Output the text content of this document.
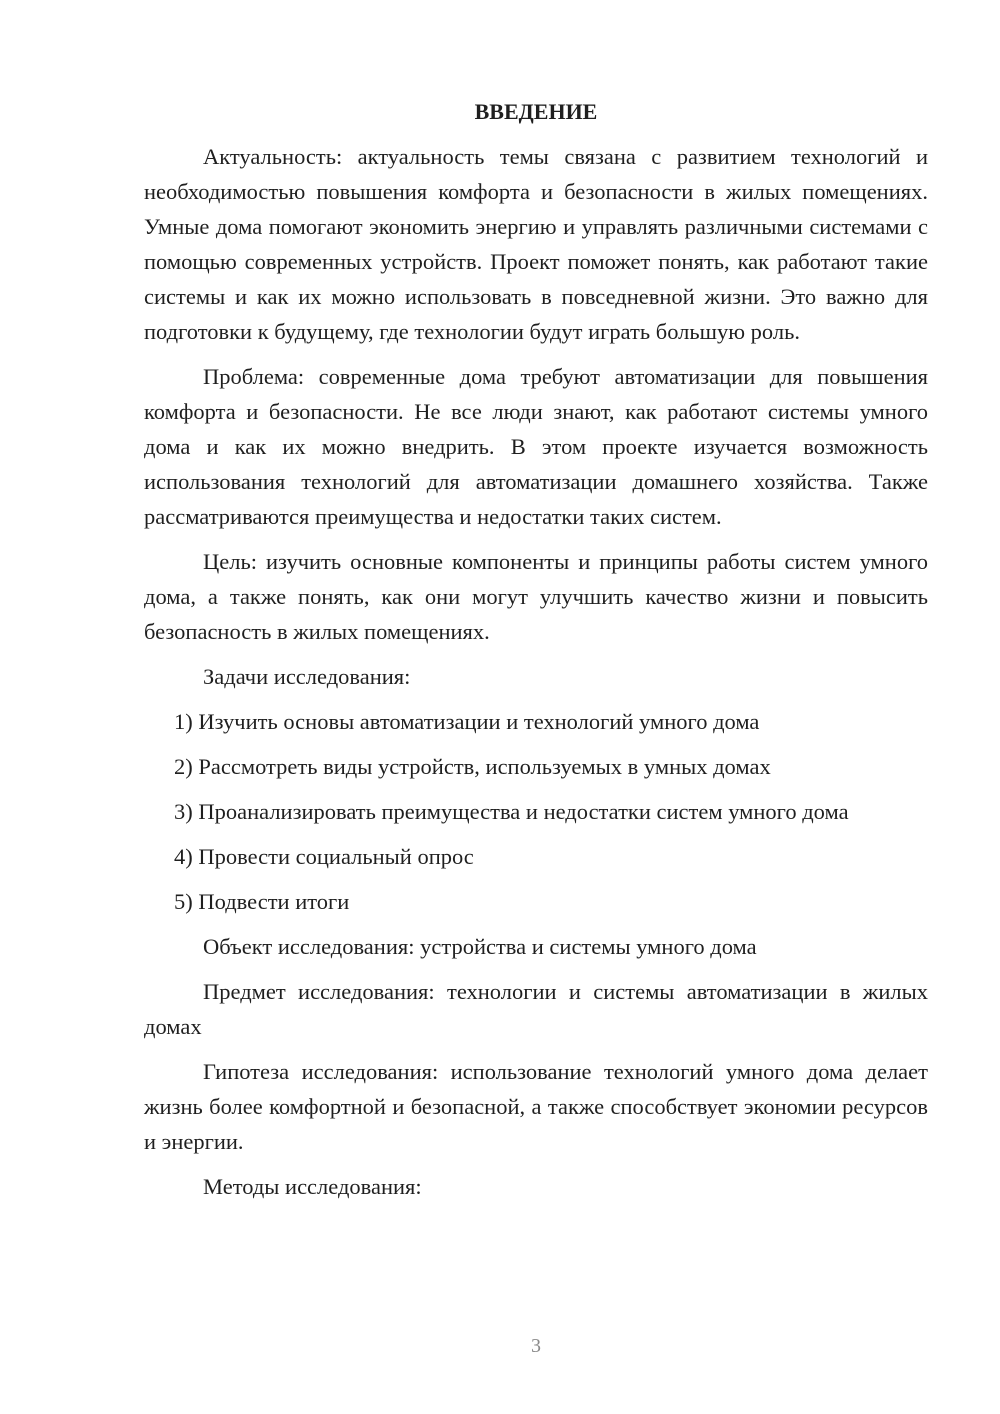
ВВЕДЕНИЕ

Актуальность: актуальность темы связана с развитием технологий и необходимостью повышения комфорта и безопасности в жилых помещениях. Умные дома помогают экономить энергию и управлять различными системами с помощью современных устройств. Проект поможет понять, как работают такие системы и как их можно использовать в повседневной жизни. Это важно для подготовки к будущему, где технологии будут играть большую роль.

Проблема: современные дома требуют автоматизации для повышения комфорта и безопасности. Не все люди знают, как работают системы умного дома и как их можно внедрить. В этом проекте изучается возможность использования технологий для автоматизации домашнего хозяйства. Также рассматриваются преимущества и недостатки таких систем.

Цель: изучить основные компоненты и принципы работы систем умного дома, а также понять, как они могут улучшить качество жизни и повысить безопасность в жилых помещениях.

Задачи исследования:

1) Изучить основы автоматизации и технологий умного дома
2) Рассмотреть виды устройств, используемых в умных домах
3) Проанализировать преимущества и недостатки систем умного дома
4) Провести социальный опрос
5) Подвести итоги

Объект исследования: устройства и системы умного дома

Предмет исследования: технологии и системы автоматизации в жилых домах

Гипотеза исследования: использование технологий умного дома делает жизнь более комфортной и безопасной, а также способствует экономии ресурсов и энергии.

Методы исследования:

3
